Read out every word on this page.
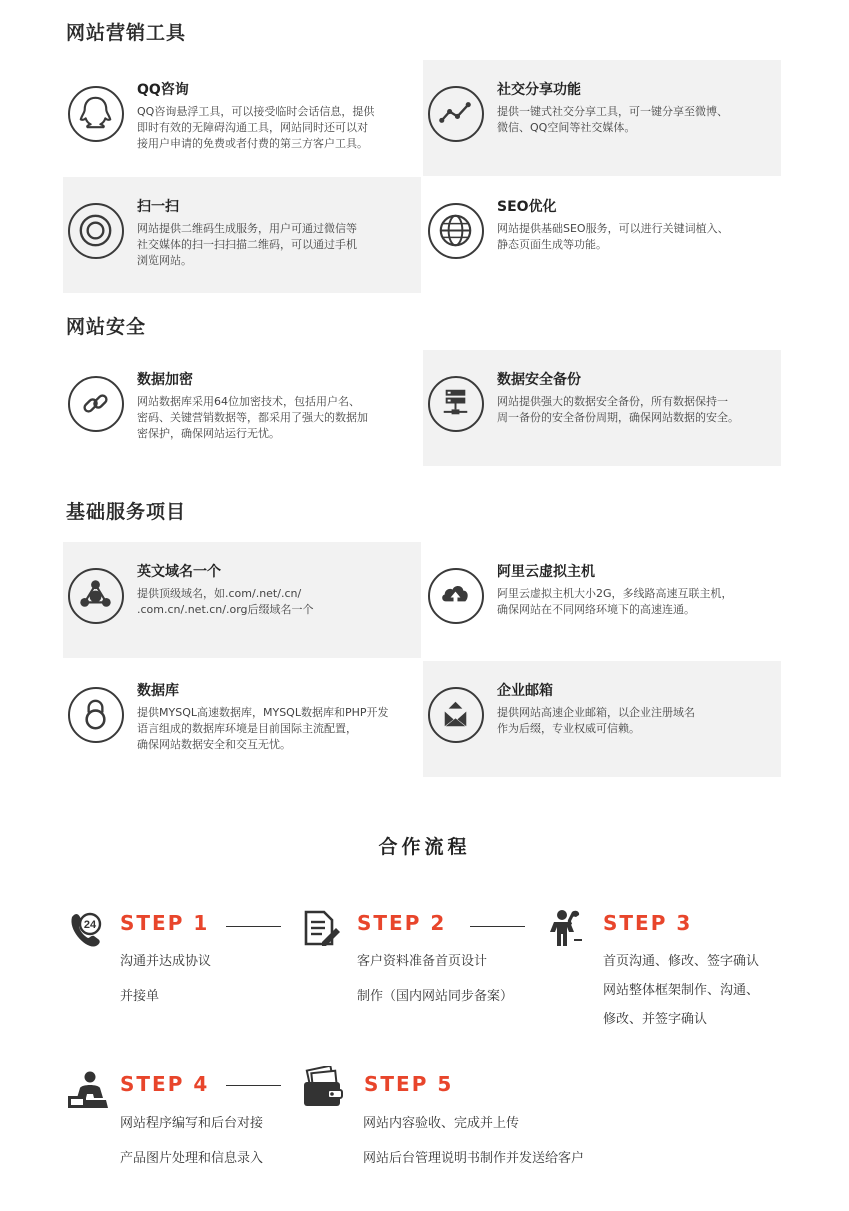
网站营销工具
网站安全
基础服务项目
QQ咨询

QQ咨询悬浮工具，可以接受临时会话信息，提供
即时有效的无障碍沟通工具，网站同时还可以对
接用户申请的免费或者付费的第三方客户工具。

社交分享功能

提供一键式社交分享工具，可一键分享至微博、
微信、QQ空间等社交媒体。

扫一扫

网站提供二维码生成服务，用户可通过微信等
社交媒体的扫一扫扫描二维码，可以通过手机
浏览网站。

SEO优化

网站提供基础SEO服务，可以进行关键词植入、
静态页面生成等功能。

数据加密

网站数据库采用64位加密技术，包括用户名、
密码、关键营销数据等，都采用了强大的数据加
密保护，确保网站运行无忧。

数据安全备份

网站提供强大的数据安全备份，所有数据保持一
周一备份的安全备份周期，确保网站数据的安全。

英文域名一个

提供顶级域名，如.com/.net/.cn/
.com.cn/.net.cn/.org后缀域名一个

阿里云虚拟主机

阿里云虚拟主机大小2G，多线路高速互联主机，
确保网站在不同网络环境下的高速连通。

数据库

提供MYSQL高速数据库，MYSQL数据库和PHP开发
语言组成的数据库环境是目前国际主流配置，
确保网站数据安全和交互无忧。

企业邮箱

提供网站高速企业邮箱，以企业注册域名
作为后缀，专业权威可信赖。

合作流程
24 STEP 1
沟通并达成协议
并接单
STEP 2
客户资料准备首页设计
制作（国内网站同步备案）
STEP 3
首页沟通、修改、签字确认
网站整体框架制作、沟通、
修改、并签字确认
STEP 4
网站程序编写和后台对接
产品图片处理和信息录入
STEP 5
网站内容验收、完成并上传
网站后台管理说明书制作并发送给客户
